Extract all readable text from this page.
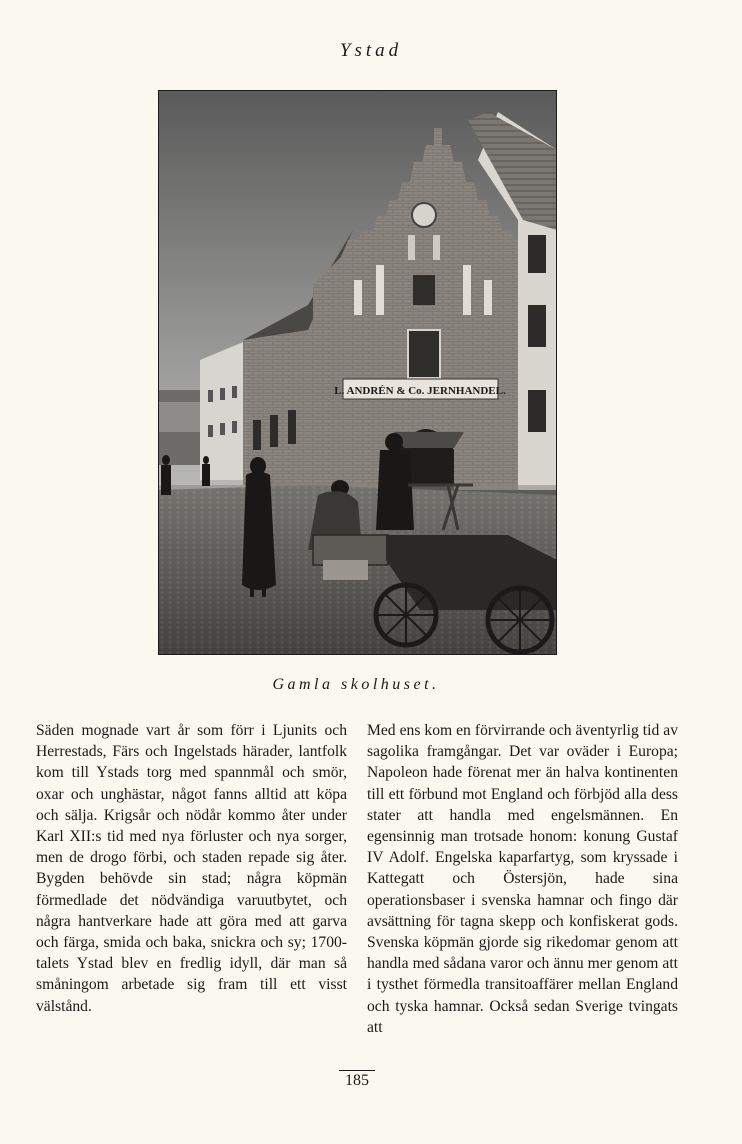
Ystad
L. ANDRÉN & Co. JERNHANDEL.
Gamla skolhuset.

Säden mognade vart år som förr i Ljunits och Herrestads, Färs och Ingelstads härader, lantfolk kom till Ystads torg med spannmål och smör, oxar och unghästar, något fanns alltid att köpa och sälja. Krigsår och nödår kommo åter under Karl XII:s tid med nya förluster och nya sorger, men de drogo förbi, och staden repade sig åter. Bygden behövde sin stad; några köpmän förmedlade det nödvändiga varuutbytet, och några hantverkare hade att göra med att garva och färga, smida och baka, snickra och sy; 1700-talets Ystad blev en fredlig idyll, där man så småningom arbetade sig fram till ett visst välstånd.

Med ens kom en förvirrande och äventyrlig tid av sagolika framgångar. Det var oväder i Europa; Napoleon hade förenat mer än halva kontinenten till ett förbund mot England och förbjöd alla dess stater att handla med engelsmännen. En egensinnig man trotsade honom: konung Gustaf IV Adolf. Engelska kaparfartyg, som kryssade i Kattegatt och Östersjön, hade sina operationsbaser i svenska hamnar och fingo där avsättning för tagna skepp och konfiskerat gods. Svenska köpmän gjorde sig rikedomar genom att handla med sådana varor och ännu mer genom att i tysthet förmedla transitoaffärer mellan England och tyska hamnar. Också sedan Sverige tvingats att

185
